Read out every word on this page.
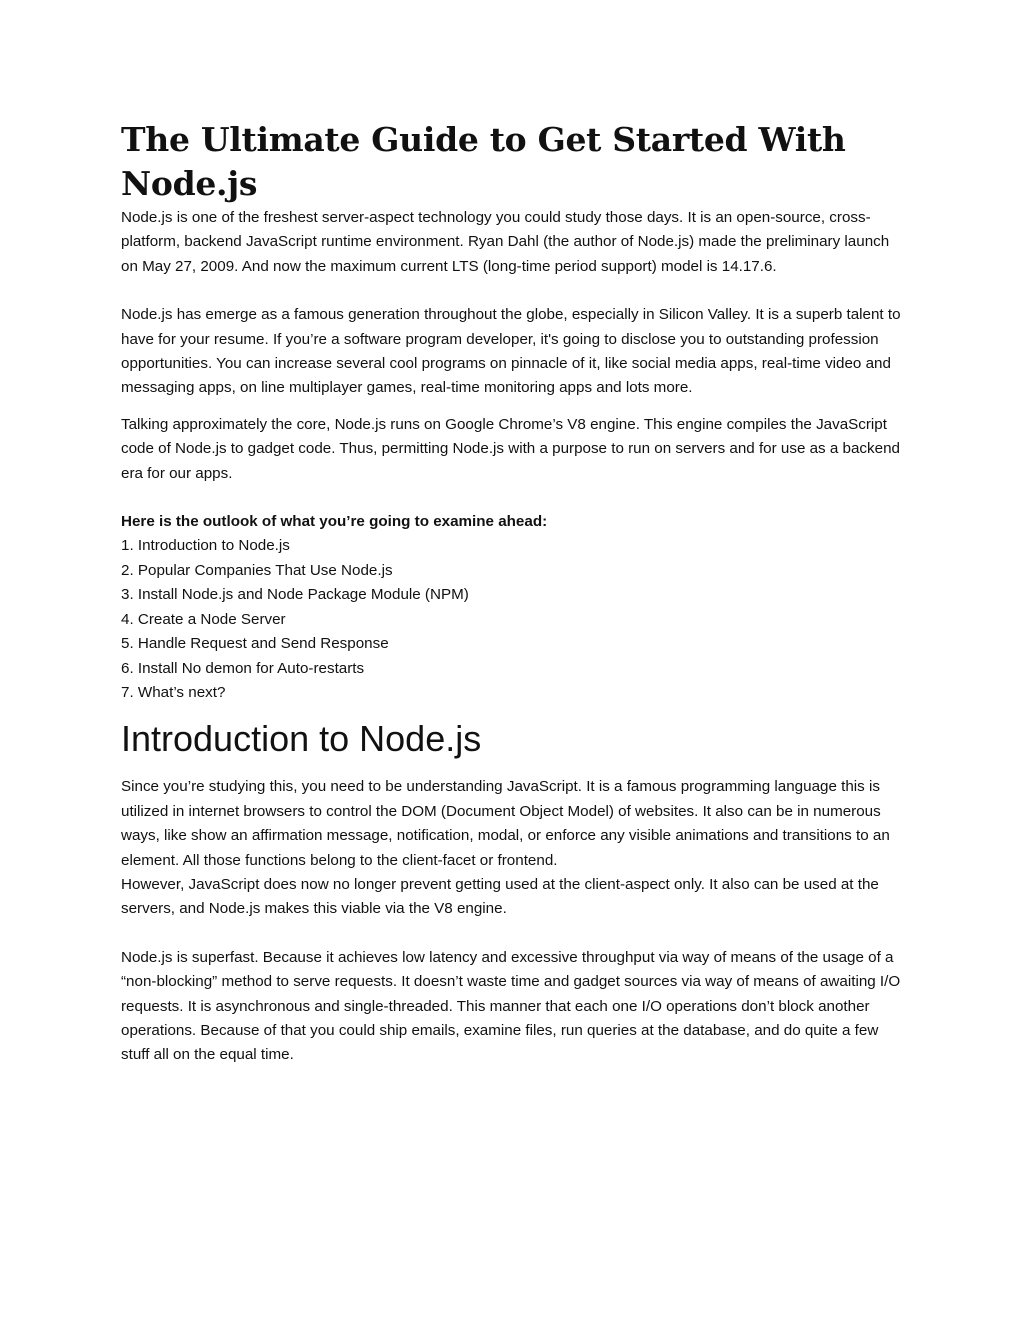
The Ultimate Guide to Get Started With Node.js

Node.js is one of the freshest server-aspect technology you could study those days. It is an open-source, cross-platform, backend JavaScript runtime environment. Ryan Dahl (the author of Node.js) made the preliminary launch on May 27, 2009. And now the maximum current LTS (long-time period support) model is 14.17.6.

Node.js has emerge as a famous generation throughout the globe, especially in Silicon Valley. It is a superb talent to have for your resume. If you’re a software program developer, it's going to disclose you to outstanding profession opportunities. You can increase several cool programs on pinnacle of it, like social media apps, real-time video and messaging apps, on line multiplayer games, real-time monitoring apps and lots more.

Talking approximately the core, Node.js runs on Google Chrome’s V8 engine. This engine compiles the JavaScript code of Node.js to gadget code. Thus, permitting Node.js with a purpose to run on servers and for use as a backend era for our apps.

Here is the outlook of what you’re going to examine ahead:

1. Introduction to Node.js

2. Popular Companies That Use Node.js

3. Install Node.js and Node Package Module (NPM)

4. Create a Node Server

5. Handle Request and Send Response

6. Install No demon for Auto-restarts

7. What’s next?

Introduction to Node.js

Since you’re studying this, you need to be understanding JavaScript. It is a famous programming language this is utilized in internet browsers to control the DOM (Document Object Model) of websites. It also can be in numerous ways, like show an affirmation message, notification, modal, or enforce any visible animations and transitions to an element. All those functions belong to the client-facet or frontend.

However, JavaScript does now no longer prevent getting used at the client-aspect only. It also can be used at the servers, and Node.js makes this viable via the V8 engine.

Node.js is superfast. Because it achieves low latency and excessive throughput via way of means of the usage of a “non-blocking” method to serve requests. It doesn’t waste time and gadget sources via way of means of awaiting I/O requests. It is asynchronous and single-threaded. This manner that each one I/O operations don’t block another operations. Because of that you could ship emails, examine files, run queries at the database, and do quite a few stuff all on the equal time.
